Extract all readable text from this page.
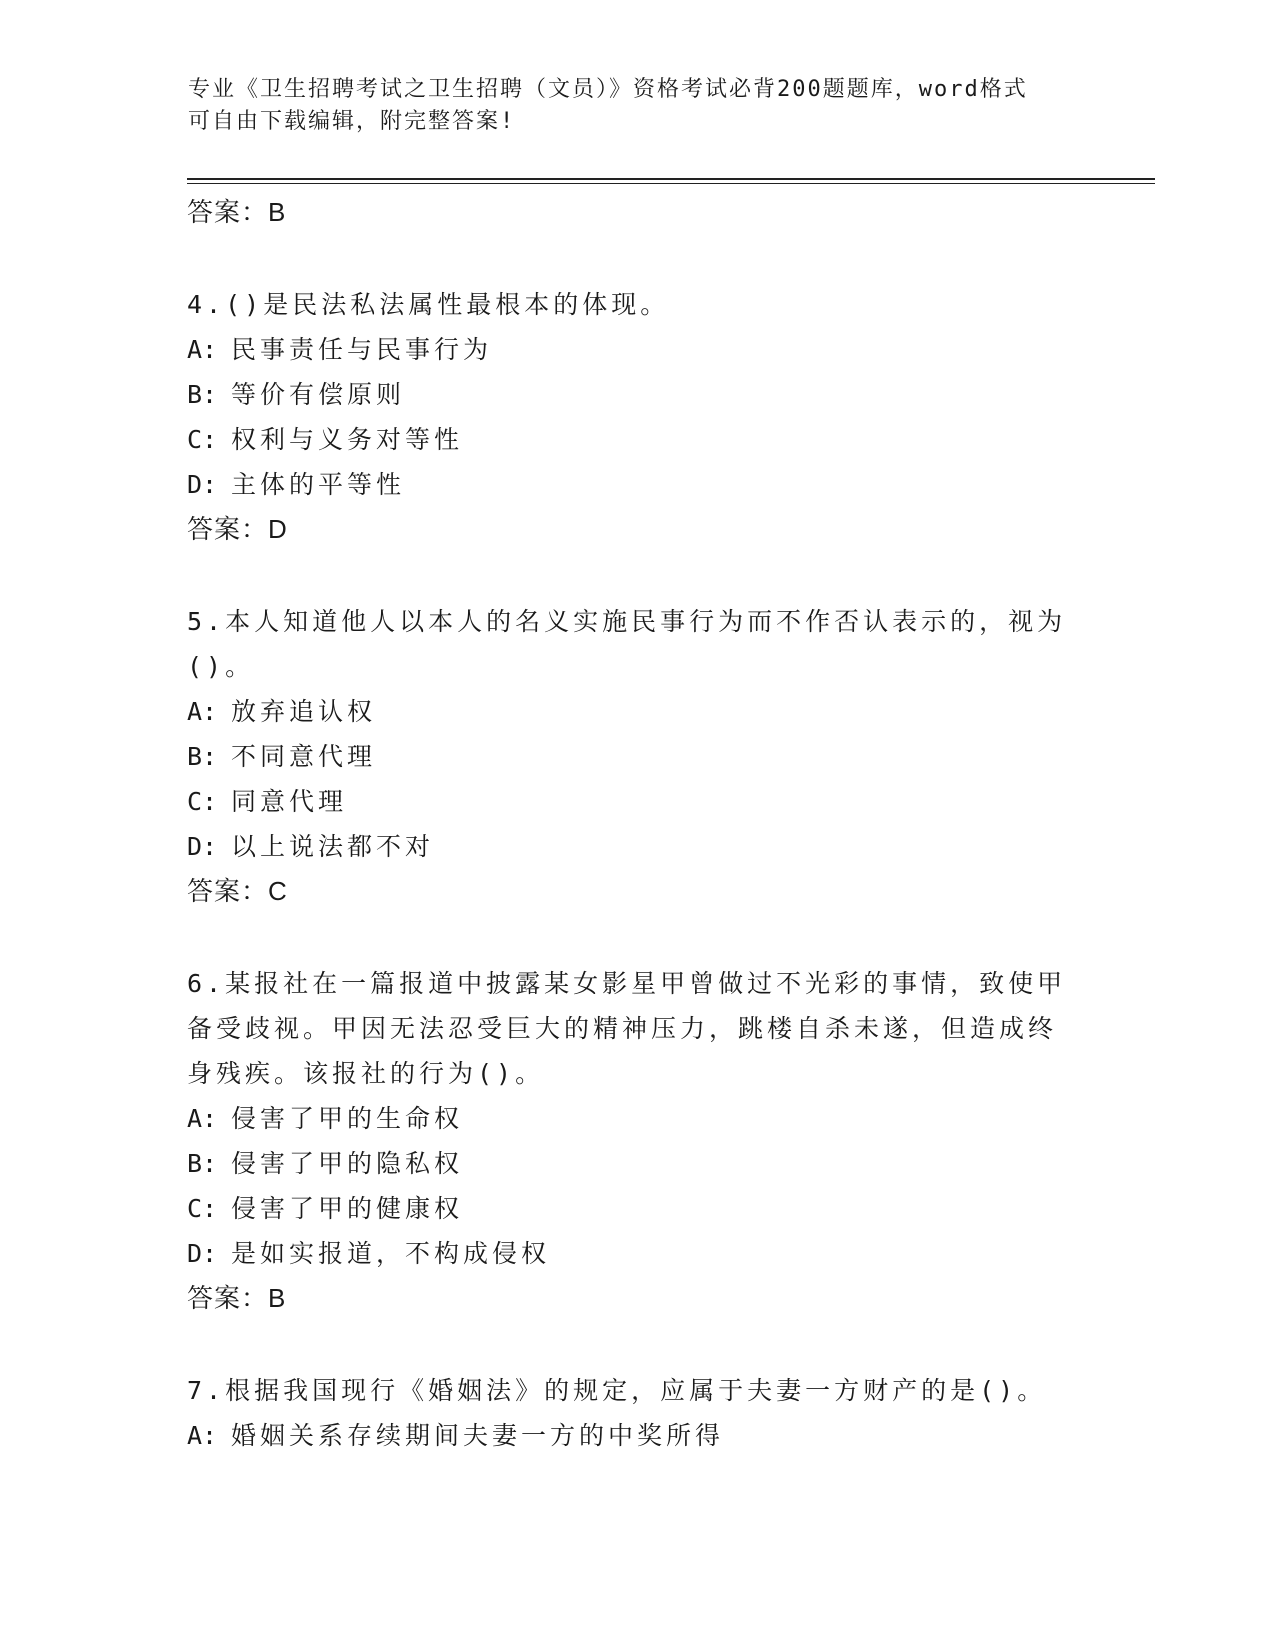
专业《卫生招聘考试之卫生招聘（文员）》资格考试必背200题题库，word格式
可自由下载编辑，附完整答案!

答案：B

4.()是民法私法属性最根本的体现。

A: 民事责任与民事行为

B: 等价有偿原则

C: 权利与义务对等性

D: 主体的平等性

答案：D

5.本人知道他人以本人的名义实施民事行为而不作否认表示的，视为()。

A: 放弃追认权

B: 不同意代理

C: 同意代理

D: 以上说法都不对

答案：C

6.某报社在一篇报道中披露某女影星甲曾做过不光彩的事情，致使甲备受歧视。甲因无法忍受巨大的精神压力，跳楼自杀未遂，但造成终身残疾。该报社的行为()。

A: 侵害了甲的生命权

B: 侵害了甲的隐私权

C: 侵害了甲的健康权

D: 是如实报道，不构成侵权

答案：B

7.根据我国现行《婚姻法》的规定，应属于夫妻一方财产的是()。

A: 婚姻关系存续期间夫妻一方的中奖所得
